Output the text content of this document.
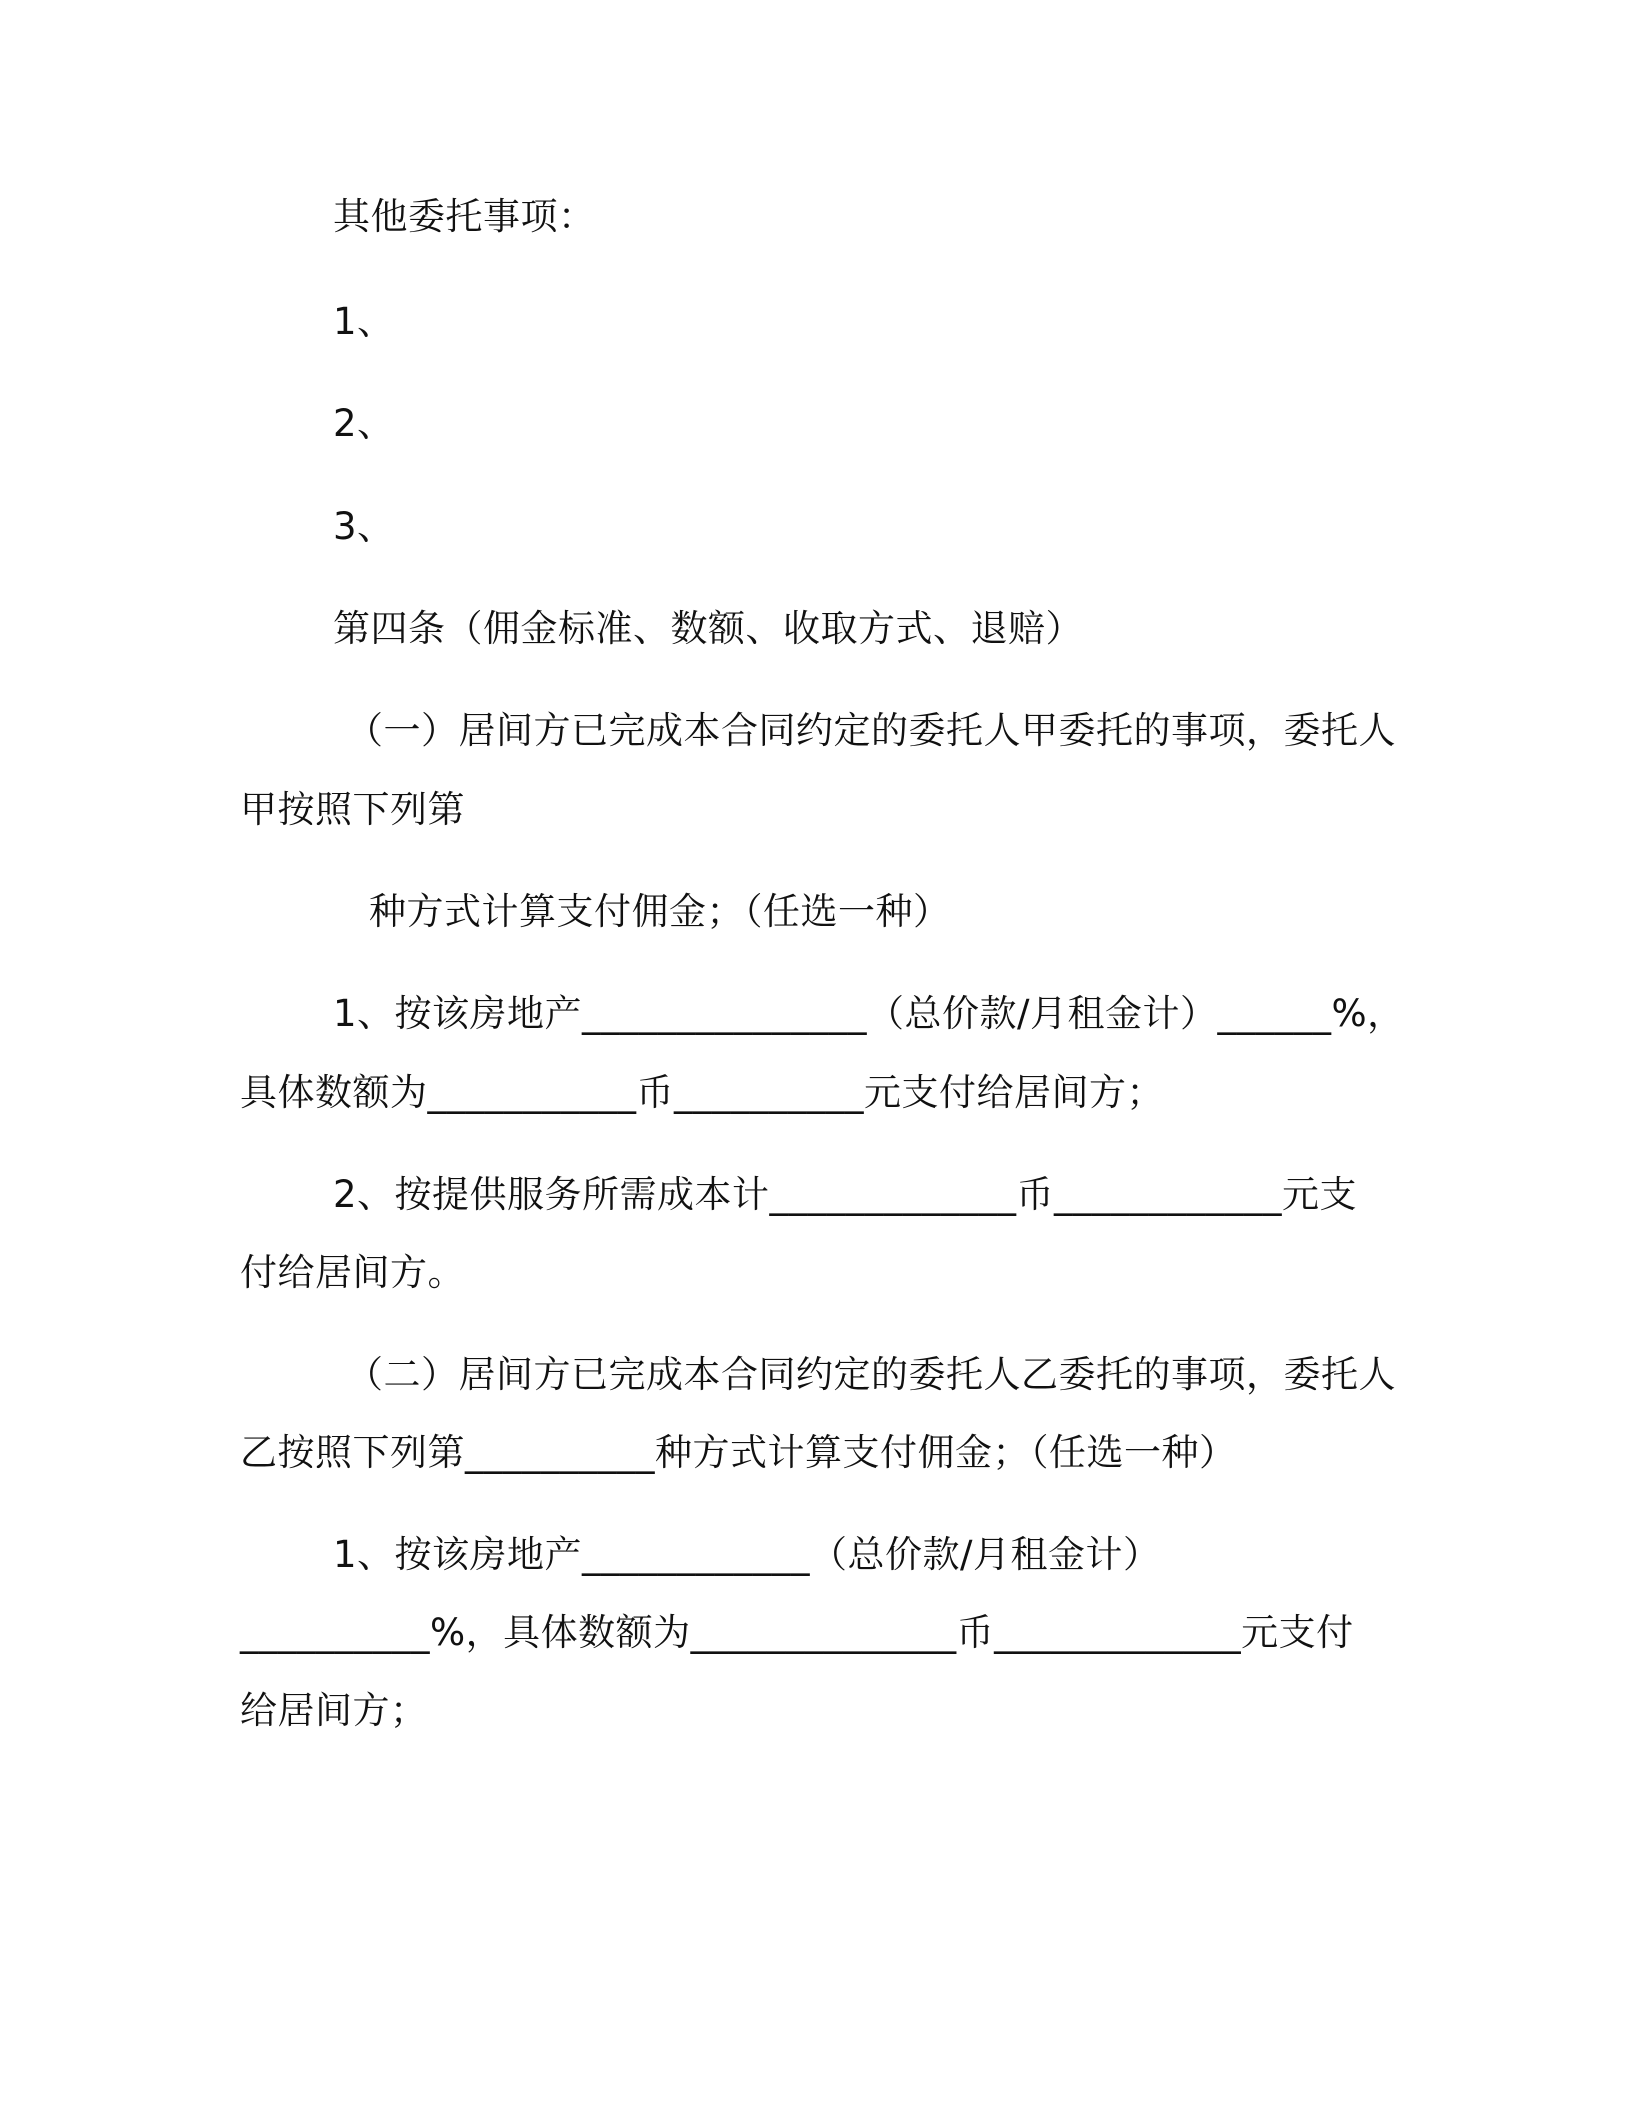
其他委托事项：
1、
2、
3、
第四条（佣金标准、数额、收取方式、退赔）
（一）居间方已完成本合同约定的委托人甲委托的事项，委托人
甲按照下列第
种方式计算支付佣金；（任选一种）
1、按该房地产_______________（总价款/月租金计）______%，
具体数额为___________币__________元支付给居间方；
2、按提供服务所需成本计_____________币____________元支
付给居间方。
（二）居间方已完成本合同约定的委托人乙委托的事项，委托人
乙按照下列第__________种方式计算支付佣金；（任选一种）
1、按该房地产____________（总价款/月租金计）
__________%，具体数额为______________币_____________元支付
给居间方；
